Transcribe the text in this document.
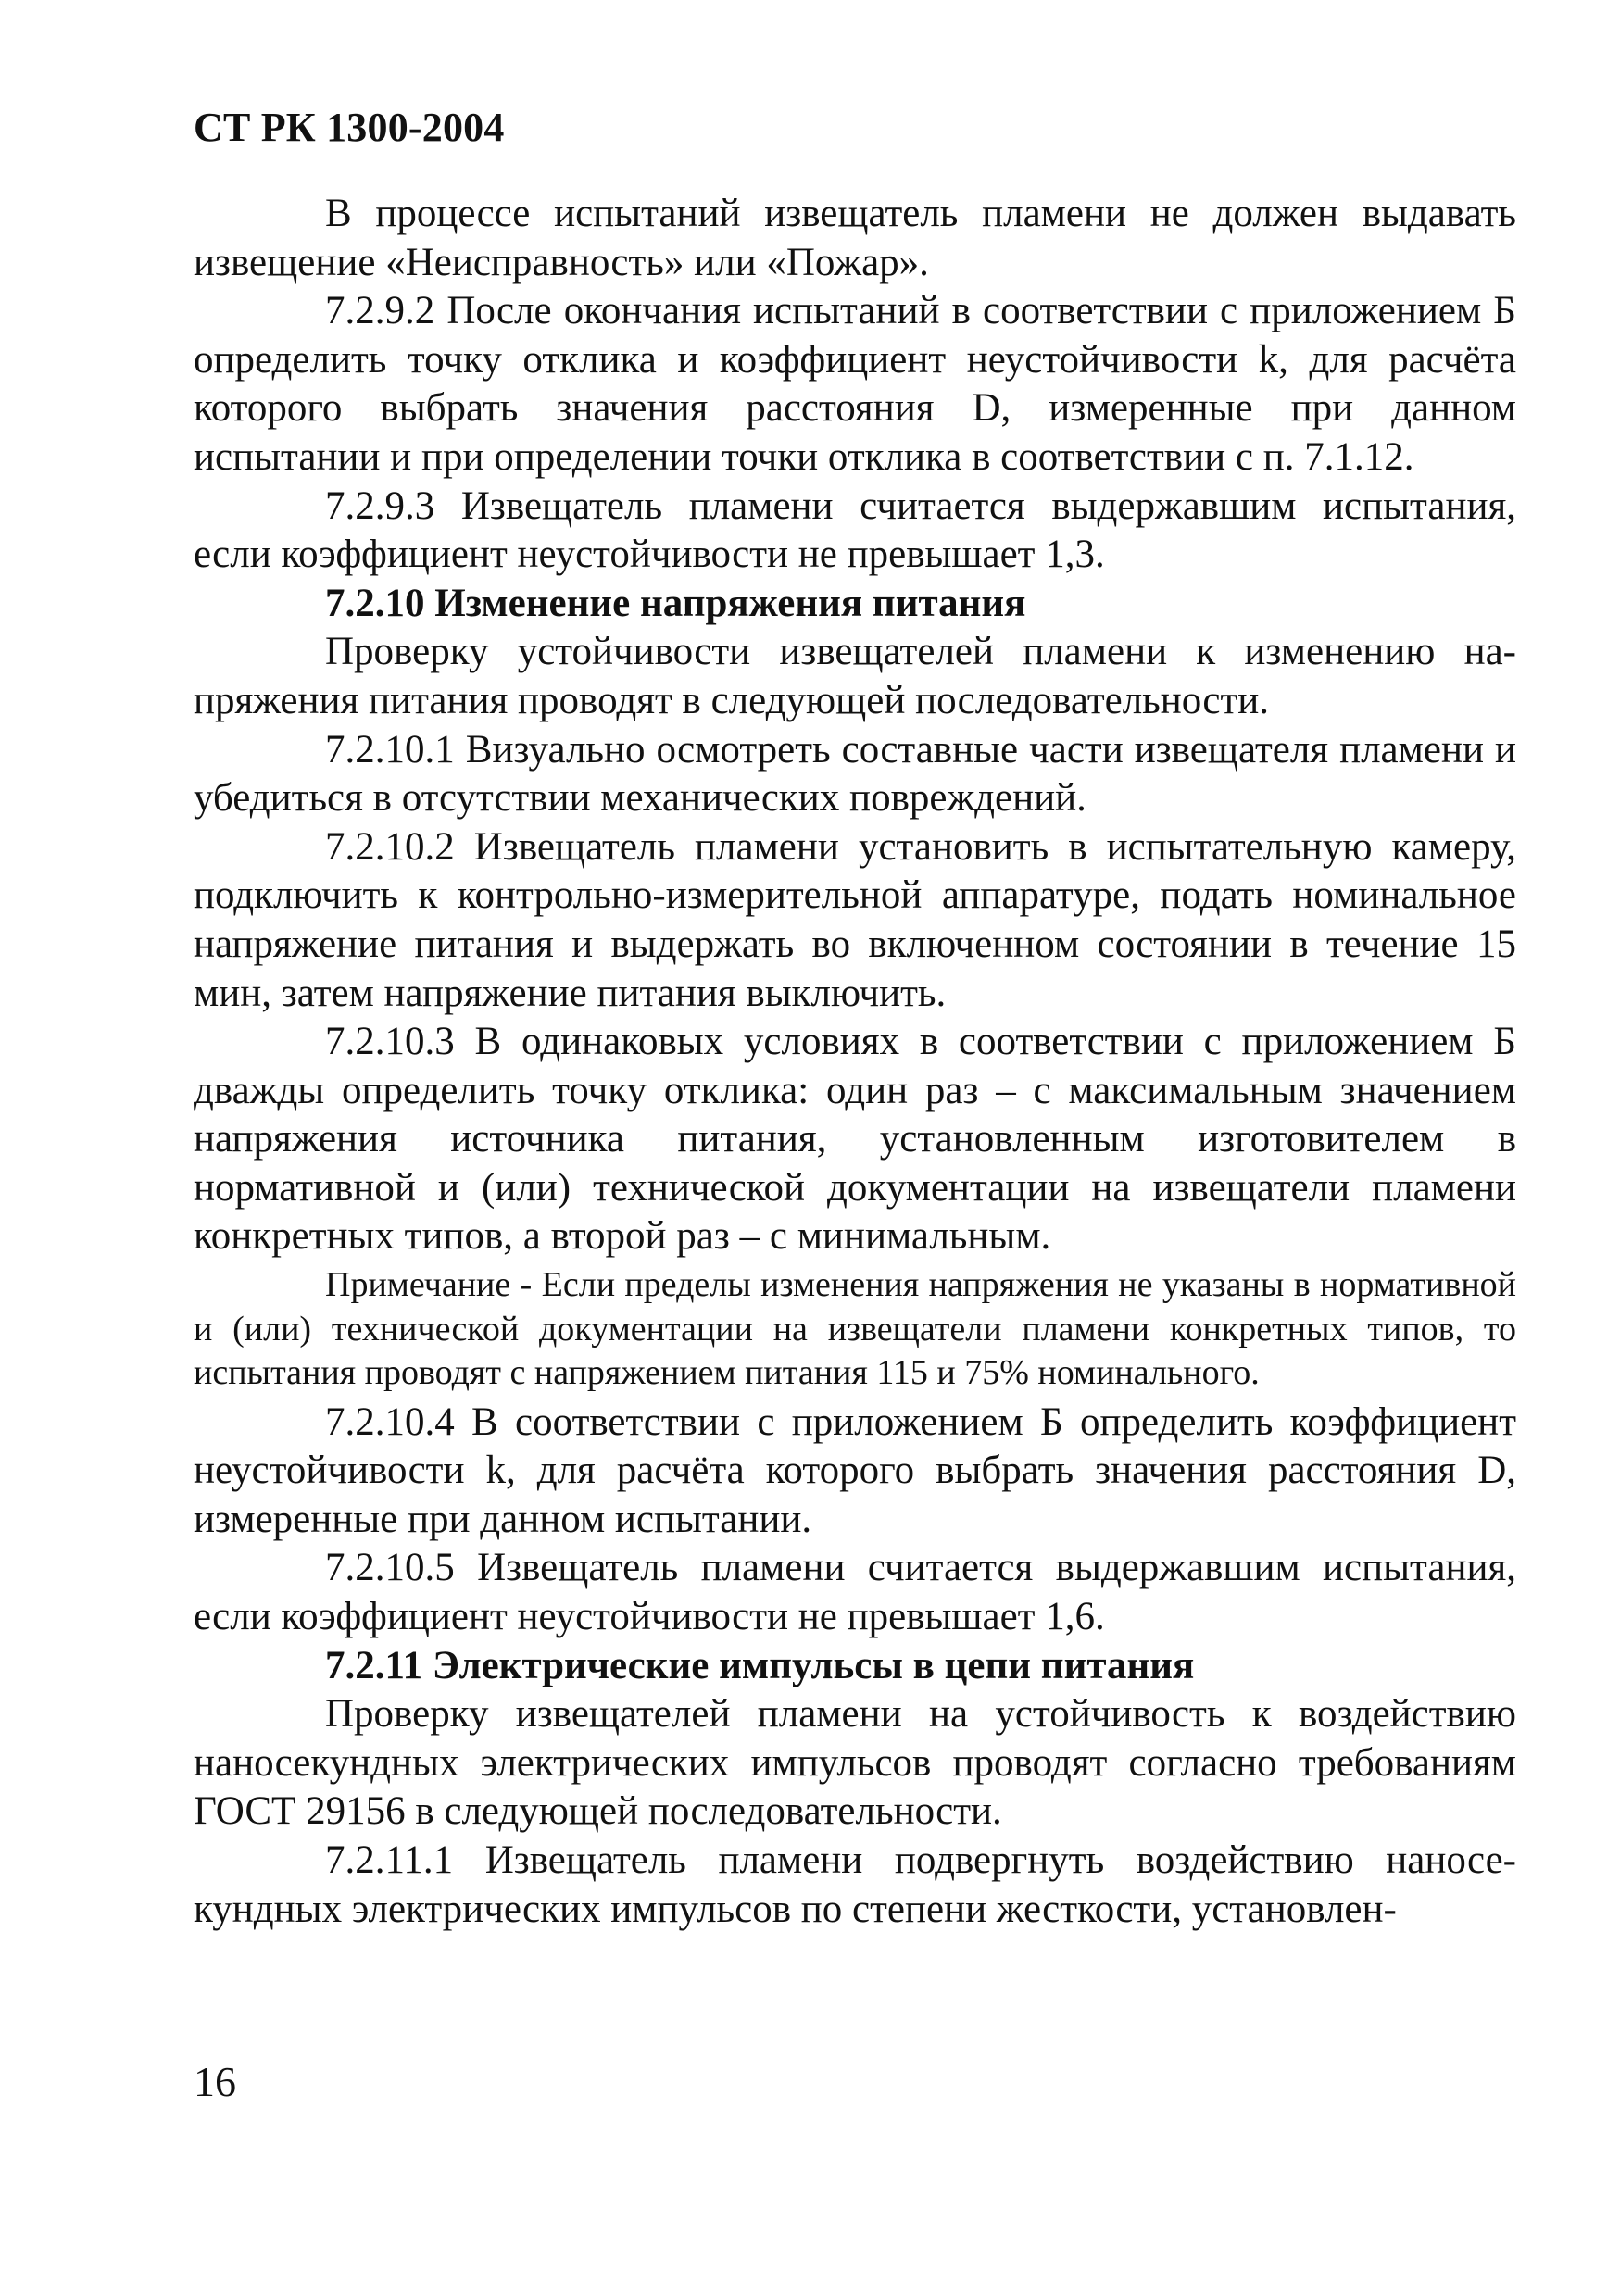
СТ РК 1300-2004

В процессе испытаний извещатель пламени не должен выдавать извещение «Неисправность» или «Пожар».

7.2.9.2 После окончания испытаний в соответствии с приложением Б определить точку отклика и коэффициент неустойчивости k, для расчёта которого выбрать значения расстояния D, измеренные при данном испытании и при определении точки отклика в соответствии с п. 7.1.12.

7.2.9.3 Извещатель пламени считается выдержавшим испытания, если коэффициент неустойчивости не превышает 1,3.

7.2.10 Изменение напряжения питания

Проверку устойчивости извещателей пламени к изменению напряжения питания проводят в следующей последовательности.

7.2.10.1 Визуально осмотреть составные части извещателя пламени и убедиться в отсутствии механических повреждений.

7.2.10.2 Извещатель пламени установить в испытательную камеру, подключить к контрольно-измерительной аппаратуре, подать номинальное напряжение питания и выдержать во включенном состоянии в течение 15 мин, затем напряжение питания выключить.

7.2.10.3 В одинаковых условиях в соответствии с приложением Б дважды определить точку отклика: один раз – с максимальным значением напряжения источника питания, установленным изготовителем в нормативной и (или) технической документации на извещатели пламени конкретных типов, а второй раз – с минимальным.

Примечание - Если пределы изменения напряжения не указаны в нормативной и (или) технической документации на извещатели пламени конкретных типов, то испытания проводят с напряжением питания 115 и 75% номинального.

7.2.10.4 В соответствии с приложением Б определить коэффициент неустойчивости k, для расчёта которого выбрать значения расстояния D, измеренные при данном испытании.

7.2.10.5 Извещатель пламени считается выдержавшим испытания, если коэффициент неустойчивости не превышает 1,6.

7.2.11 Электрические импульсы в цепи питания

Проверку извещателей пламени на устойчивость к воздействию наносекундных электрических импульсов проводят согласно требованиям ГОСТ 29156 в следующей последовательности.

7.2.11.1 Извещатель пламени подвергнуть воздействию наносекундных электрических импульсов по степени жесткости, установлен-

16
